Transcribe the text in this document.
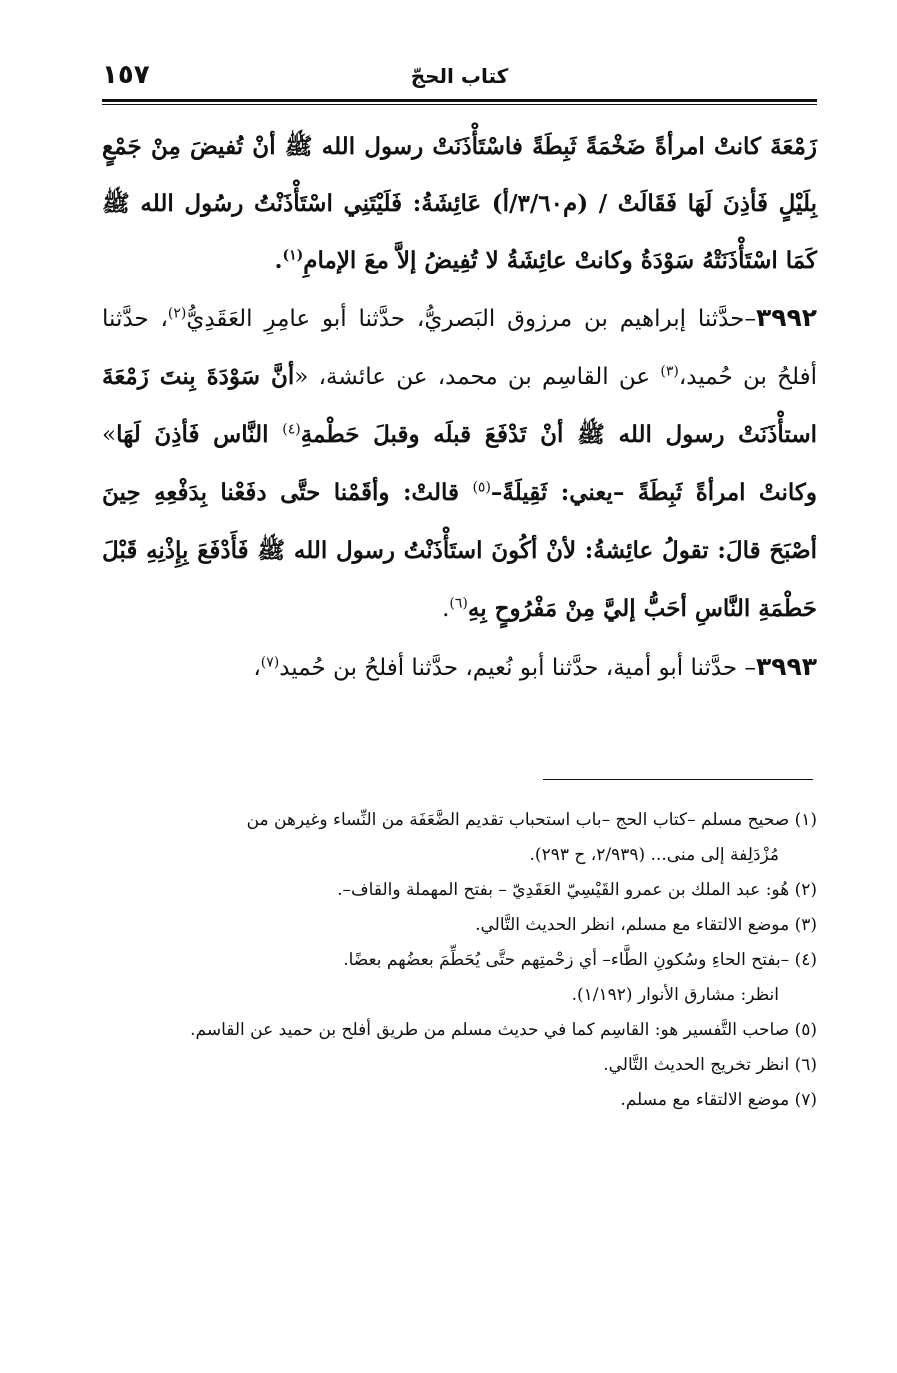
كتاب الحجّ
١٥٧

زَمْعَةَ كانتْ امرأةً ضَخْمَةً ثَبِطَةً فاسْتَأْذَنَتْ رسول الله ﷺ أنْ تُفيضَ مِنْ جَمْعٍ بِلَيْلٍ فَأذِنَ لَهَا فَقَالَتْ / (م٣/٦٠/أ) عَائِشَةُ: فَلَيْتَنِي اسْتَأْذَنْتُ رسُول الله ﷺ كَمَا اسْتَأْذَنَتْهُ سَوْدَةُ وكانتْ عائِشَةُ لا تُفِيضُ إلاَّ معَ الإمامِ$^{(١)}$.

٣٩٩٢–حدَّثنا إبراهيم بن مرزوق البَصريُّ، حدَّثنا أبو عامِرِ العَقَدِيُّ$^{(٢)}$، حدَّثنا أفلحُ بن حُميد،$^{(٣)}$ عن القاسِم بن محمد، عن عائشة، «أنَّ سَوْدَةَ بِنتَ زَمْعَةَ استأْذَنَتْ رسول الله ﷺ أنْ تَدْفَعَ قبلَه وقبلَ حَطْمةِ$^{(٤)}$ النَّاس فَأذِنَ لَهَا» وكانتْ امرأةً ثَبِطَةً –يعني: ثَقِيلَةً–$^{(٥)}$ قالتْ: وأقَمْنا حتَّى دفَعْنا بِدَفْعِهِ حِينَ أصْبَحَ قالَ: تقولُ عائِشةُ: لأنْ أكُونَ استَأْذَنْتُ رسول الله ﷺ فَأَدْفَعَ بِإِذْنِهِ قَبْلَ حَطْمَةِ النَّاسِ أحَبُّ إليَّ مِنْ مَفْرُوحٍ بِهِ$^{(٦)}$.

٣٩٩٣– حدَّثنا أبو أمية، حدَّثنا أبو نُعيم، حدَّثنا أفلحُ بن حُميد$^{(٧)}$،

(١) صحيح مسلم –كتاب الحج –باب استحباب تقديم الضَّعَفَة من النِّساء وغيرهن من

مُزْدَلِفة إلى منى... (٢/٩٣٩، ح ٢٩٣).

(٢) هُو: عبد الملك بن عمرو القَيْسِيّ العَقَدِيّ – بفتح المهملة والقاف–.

(٣) موضع الالتقاء مع مسلم، انظر الحديث التَّالي.

(٤) –بفتح الحاءِ وسُكونِ الطَّاء– أي زحْمتِهم حتَّى يُحَطِّمَ بعضُهم بعضًا.

انظر: مشارق الأنوار (١/١٩٢).

(٥) صاحب التَّفسير هو: القاسِم كما في حديث مسلم من طريق أفلح بن حميد عن القاسم.

(٦) انظر تخريج الحديث التَّالي.

(٧) موضع الالتقاء مع مسلم.
